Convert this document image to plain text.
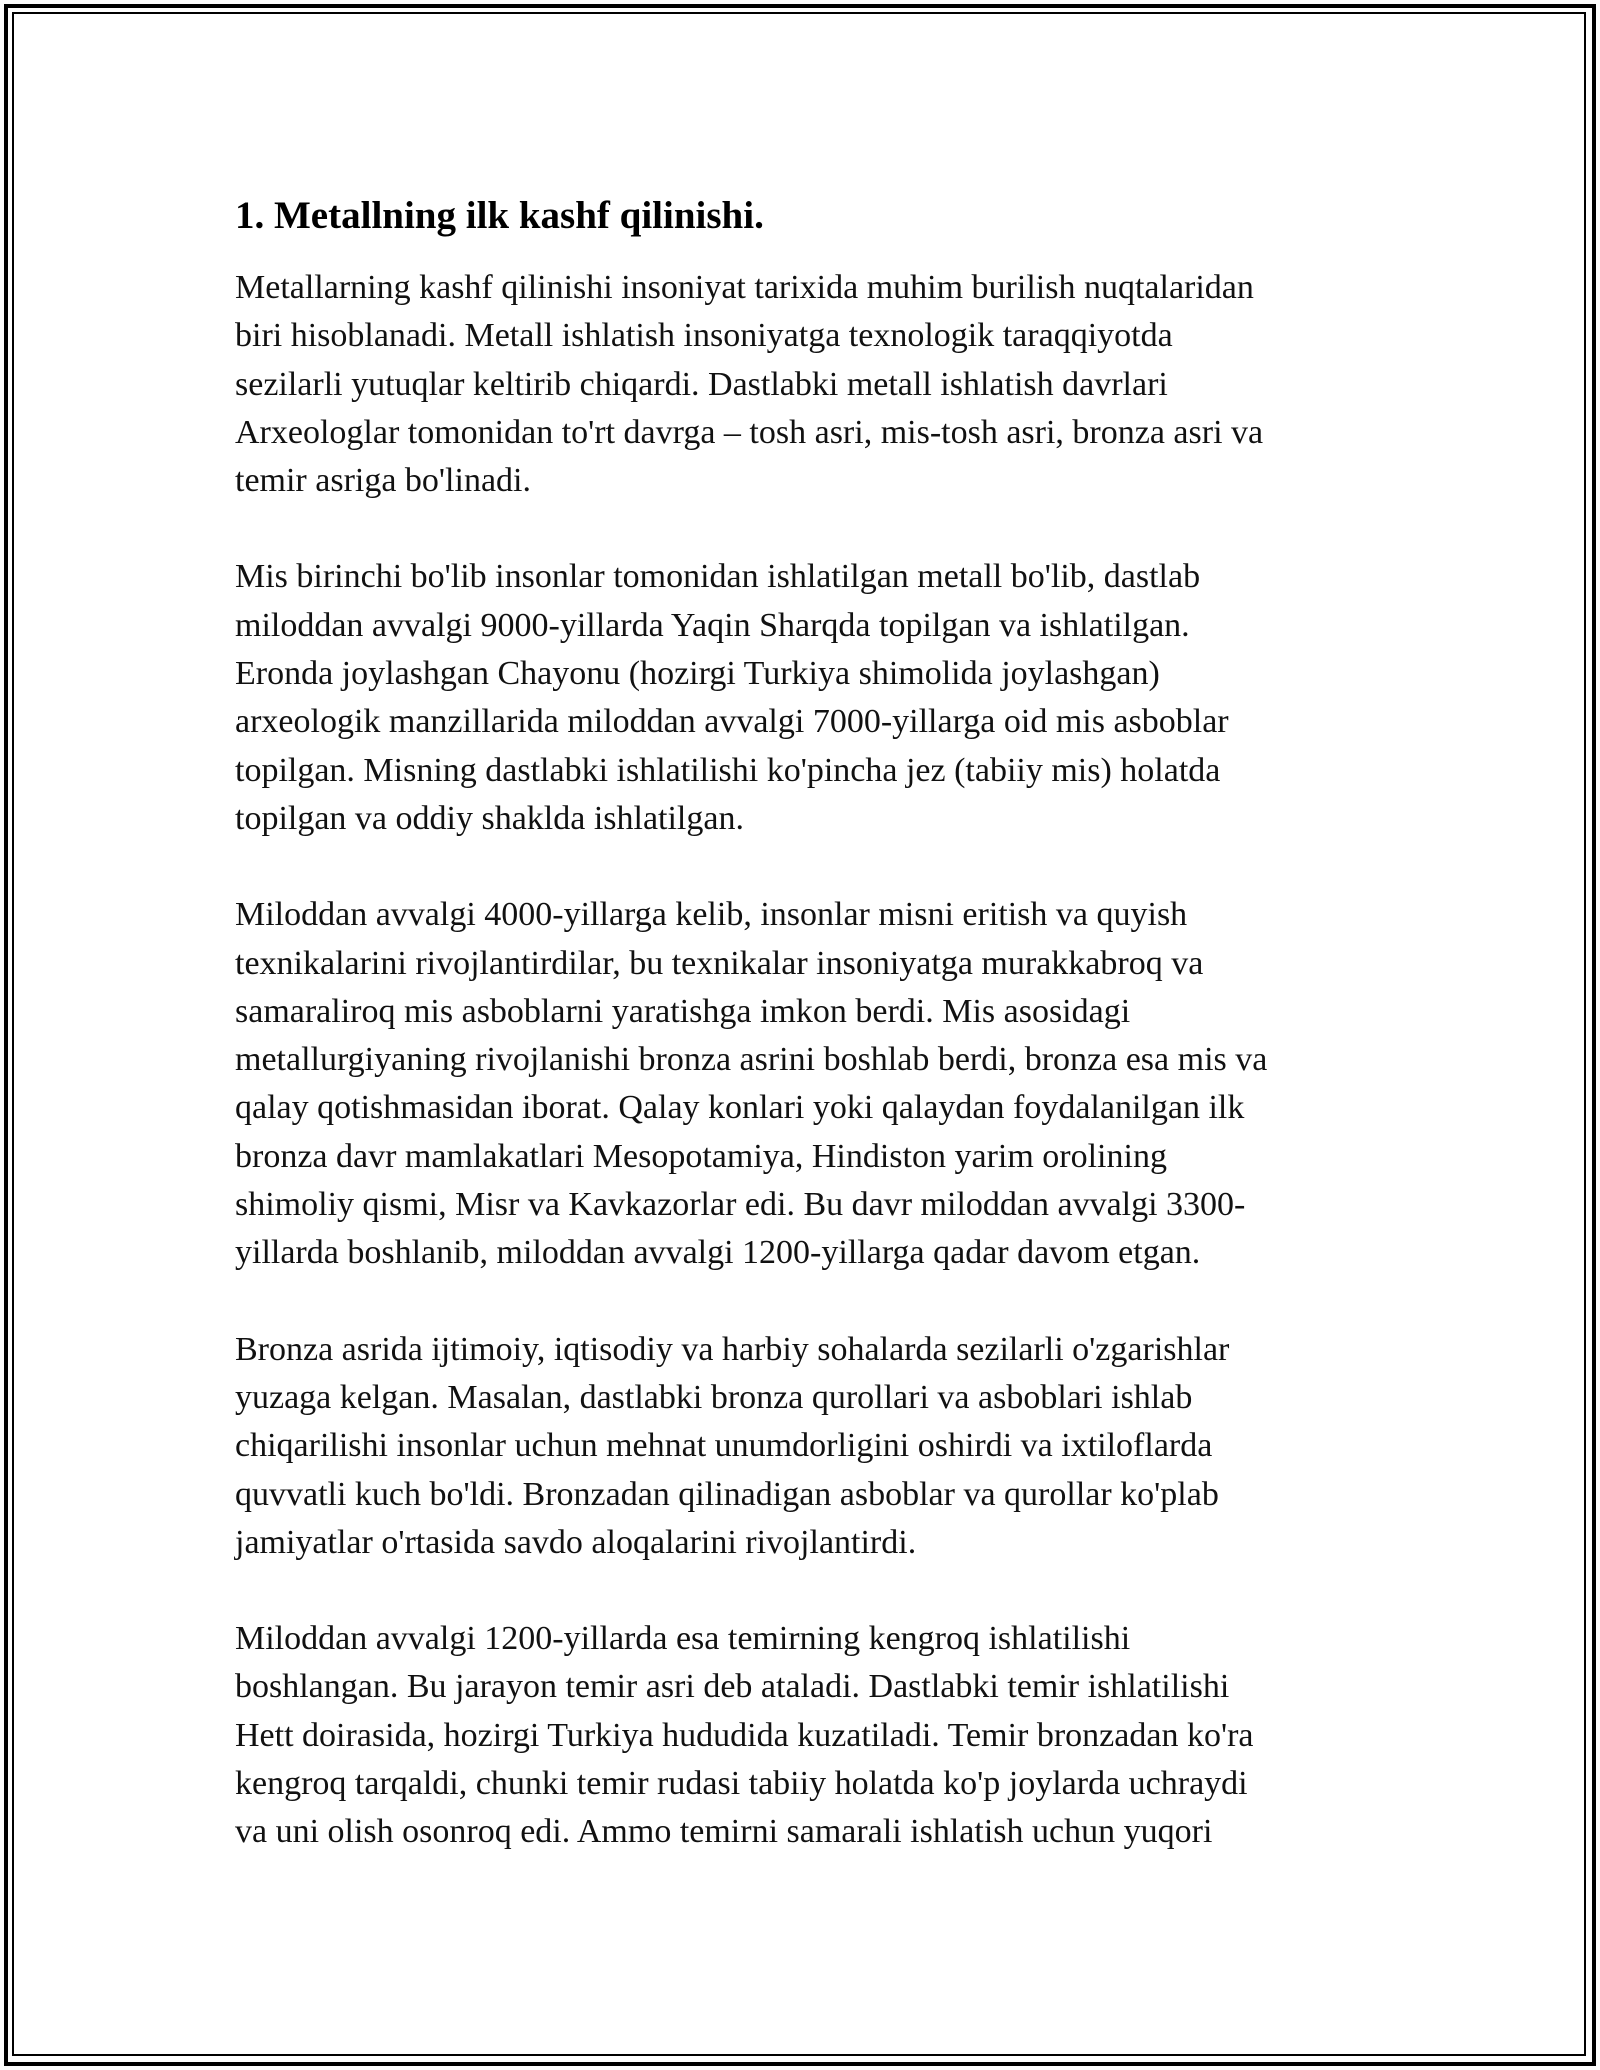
1. Metallning ilk kashf qilinishi.

Metallarning kashf qilinishi insoniyat tarixida muhim burilish nuqtalaridan
biri hisoblanadi. Metall ishlatish insoniyatga texnologik taraqqiyotda
sezilarli yutuqlar keltirib chiqardi. Dastlabki metall ishlatish davrlari
Arxeologlar tomonidan to'rt davrga – tosh asri, mis-tosh asri, bronza asri va
temir asriga bo'linadi.

Mis birinchi bo'lib insonlar tomonidan ishlatilgan metall bo'lib, dastlab
miloddan avvalgi 9000-yillarda Yaqin Sharqda topilgan va ishlatilgan.
Eronda joylashgan Chayonu (hozirgi Turkiya shimolida joylashgan)
arxeologik manzillarida miloddan avvalgi 7000-yillarga oid mis asboblar
topilgan. Misning dastlabki ishlatilishi ko'pincha jez (tabiiy mis) holatda
topilgan va oddiy shaklda ishlatilgan.

Miloddan avvalgi 4000-yillarga kelib, insonlar misni eritish va quyish
texnikalarini rivojlantirdilar, bu texnikalar insoniyatga murakkabroq va
samaraliroq mis asboblarni yaratishga imkon berdi. Mis asosidagi
metallurgiyaning rivojlanishi bronza asrini boshlab berdi, bronza esa mis va
qalay qotishmasidan iborat. Qalay konlari yoki qalaydan foydalanilgan ilk
bronza davr mamlakatlari Mesopotamiya, Hindiston yarim orolining
shimoliy qismi, Misr va Kavkazorlar edi. Bu davr miloddan avvalgi 3300-
yillarda boshlanib, miloddan avvalgi 1200-yillarga qadar davom etgan.

Bronza asrida ijtimoiy, iqtisodiy va harbiy sohalarda sezilarli o'zgarishlar
yuzaga kelgan. Masalan, dastlabki bronza qurollari va asboblari ishlab
chiqarilishi insonlar uchun mehnat unumdorligini oshirdi va ixtiloflarda
quvvatli kuch bo'ldi. Bronzadan qilinadigan asboblar va qurollar ko'plab
jamiyatlar o'rtasida savdo aloqalarini rivojlantirdi.

Miloddan avvalgi 1200-yillarda esa temirning kengroq ishlatilishi
boshlangan. Bu jarayon temir asri deb ataladi. Dastlabki temir ishlatilishi
Hett doirasida, hozirgi Turkiya hududida kuzatiladi. Temir bronzadan ko'ra
kengroq tarqaldi, chunki temir rudasi tabiiy holatda ko'p joylarda uchraydi
va uni olish osonroq edi. Ammo temirni samarali ishlatish uchun yuqori
